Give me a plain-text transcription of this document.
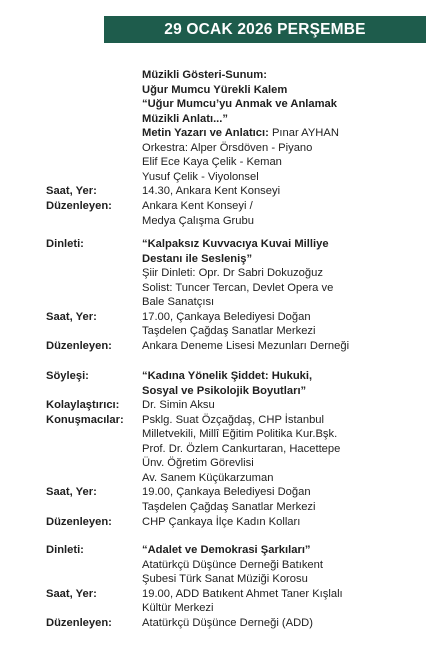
29 OCAK 2026 PERŞEMBE
Müzikli Gösteri-Sunum:
Uğur Mumcu Yürekli Kalem
“Uğur Mumcu’yu Anmak ve Anlamak
Müzikli Anlatı...”
Metin Yazarı ve Anlatıcı: Pınar AYHAN
Orkestra: Alper Örsdöven - Piyano
Elif Ece Kaya Çelik - Keman
Yusuf Çelik - Viyolonsel
Saat, Yer:	14.30, Ankara Kent Konseyi
Düzenleyen:	Ankara Kent Konseyi /
Medya Çalışma Grubu
Dinleti:	“Kalpaksız Kuvvacıya Kuvai Milliye
Destanı ile Sesleniş”
Şiir Dinleti: Opr. Dr Sabri Dokuzoğuz
Solist: Tuncer Tercan, Devlet Opera ve
Bale Sanatçısı
Saat, Yer:	17.00, Çankaya Belediyesi Doğan
Taşdelen Çağdaş Sanatlar Merkezi
Düzenleyen:	Ankara Deneme Lisesi Mezunları Derneği
Söyleşi:	“Kadına Yönelik Şiddet: Hukuki,
Sosyal ve Psikolojik Boyutları”
Kolaylaştırıcı: Dr. Simin Aksu
Konuşmacılar: Psklg. Suat Özçağdaş, CHP İstanbul
Milletvekili, Millî Eğitim Politika Kur.Bşk.
Prof. Dr. Özlem Cankurtaran, Hacettepe
Ünv. Öğretim Görevlisi
Av. Sanem Küçükarzuman
Saat, Yer:	19.00, Çankaya Belediyesi Doğan
Taşdelen Çağdaş Sanatlar Merkezi
Düzenleyen:	CHP Çankaya İlçe Kadın Kolları
Dinleti:	“Adalet ve Demokrasi Şarkıları”
Atatürkçü Düşünce Derneği Batıkent
Şubesi Türk Sanat Müziği Korosu
Saat, Yer:	19.00, ADD Batıkent Ahmet Taner Kışlalı
Kültür Merkezi
Düzenleyen:	Atatürkçü Düşünce Derneği (ADD)
